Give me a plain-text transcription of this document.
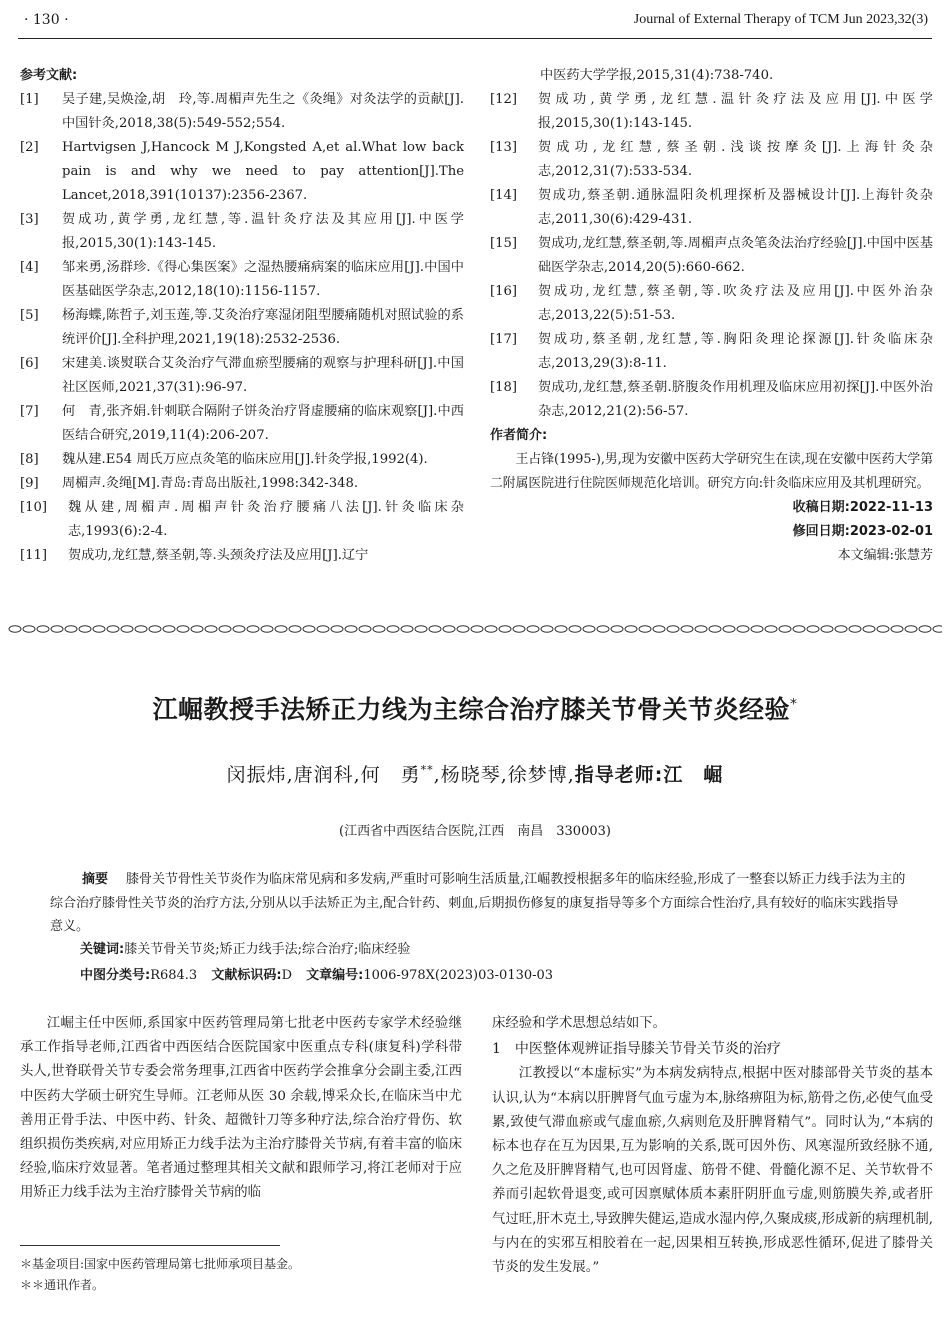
· 130 ·	Journal of External Therapy of TCM Jun 2023,32(3)
参考文献:
[1]	吴子建,吴焕淦,胡　玲,等.周楣声先生之《灸绳》对灸法学的贡献[J].中国针灸,2018,38(5):549-552;554.
[2]	Hartvigsen J,Hancock M J,Kongsted A,et al.What low back pain is and why we need to pay attention[J].The Lancet,2018,391(10137):2356-2367.
[3]	贺成功,黄学勇,龙红慧,等.温针灸疗法及其应用[J].中医学报,2015,30(1):143-145.
[4]	邹来勇,汤群珍.《得心集医案》之湿热腰痛病案的临床应用[J].中国中医基础医学杂志,2012,18(10):1156-1157.
[5]	杨海蝶,陈哲子,刘玉莲,等.艾灸治疗寒湿闭阻型腰痛随机对照试验的系统评价[J].全科护理,2021,19(18):2532-2536.
[6]	宋建美.谈熨联合艾灸治疗气滞血瘀型腰痛的观察与护理科研[J].中国社区医师,2021,37(31):96-97.
[7]	何　青,张齐娟.针刺联合隔附子饼灸治疗肾虚腰痛的临床观察[J].中西医结合研究,2019,11(4):206-207.
[8]	魏从建.E54 周氏万应点灸笔的临床应用[J].针灸学报,1992(4).
[9]	周楣声.灸绳[M].青岛:青岛出版社,1998:342-348.
[10]	魏从建,周楣声.周楣声针灸治疗腰痛八法[J].针灸临床杂志,1993(6):2-4.
[11]	贺成功,龙红慧,蔡圣朝,等.头颈灸疗法及应用[J].辽宁
中医药大学学报,2015,31(4):738-740.
[12]	贺成功,黄学勇,龙红慧.温针灸疗法及应用[J].中医学报,2015,30(1):143-145.
[13]	贺成功,龙红慧,蔡圣朝.浅谈按摩灸[J].上海针灸杂志,2012,31(7):533-534.
[14]	贺成功,蔡圣朝.通脉温阳灸机理探析及器械设计[J].上海针灸杂志,2011,30(6):429-431.
[15]	贺成功,龙红慧,蔡圣朝,等.周楣声点灸笔灸法治疗经验[J].中国中医基础医学杂志,2014,20(5):660-662.
[16]	贺成功,龙红慧,蔡圣朝,等.吹灸疗法及应用[J].中医外治杂志,2013,22(5):51-53.
[17]	贺成功,蔡圣朝,龙红慧,等.胸阳灸理论探源[J].针灸临床杂志,2013,29(3):8-11.
[18]	贺成功,龙红慧,蔡圣朝.脐腹灸作用机理及临床应用初探[J].中医外治杂志,2012,21(2):56-57.
作者简介:
王占锋(1995-),男,现为安徽中医药大学研究生在读,现在安徽中医药大学第二附属医院进行住院医师规范化培训。研究方向:针灸临床应用及其机理研究。
收稿日期:2022-11-13
修回日期:2023-02-01
本文编辑:张慧芳
江崛教授手法矫正力线为主综合治疗膝关节骨关节炎经验*
闵振炜,唐润科,何　勇**,杨晓琴,徐梦博,指导老师:江　崛
(江西省中西医结合医院,江西　南昌　330003)
摘要 膝骨关节骨性关节炎作为临床常见病和多发病,严重时可影响生活质量,江崛教授根据多年的临床经验,形成了一整套以矫正力线手法为主的综合治疗膝骨性关节炎的治疗方法,分别从以手法矫正为主,配合针药、刺血,后期损伤修复的康复指导等多个方面综合性治疗,具有较好的临床实践指导意义。
关键词:膝关节骨关节炎;矫正力线手法;综合治疗;临床经验
中图分类号:R684.3 文献标识码:D 文章编号:1006-978X(2023)03-0130-03
江崛主任中医师,系国家中医药管理局第七批老中医药专家学术经验继承工作指导老师,江西省中西医结合医院国家中医重点专科(康复科)学科带头人,世脊联骨关节专委会常务理事,江西省中医药学会推拿分会副主委,江西中医药大学硕士研究生导师。江老师从医 30 余载,博采众长,在临床当中尤善用正骨手法、中医中药、针灸、超微针刀等多种疗法,综合治疗骨伤、软组织损伤类疾病,对应用矫正力线手法为主治疗膝骨关节病,有着丰富的临床经验,临床疗效显著。笔者通过整理其相关文献和跟师学习,将江老师对于应用矫正力线手法为主治疗膝骨关节病的临
床经验和学术思想总结如下。
1　中医整体观辨证指导膝关节骨关节炎的治疗
江教授以“本虚标实”为本病发病特点,根据中医对膝部骨关节炎的基本认识,认为“本病以肝脾肾气血亏虚为本,脉络痹阻为标,筋骨之伤,必使气血受累,致使气滞血瘀或气虚血瘀,久病则危及肝脾肾精气”。同时认为,“本病的标本也存在互为因果,互为影响的关系,既可因外伤、风寒湿所致经脉不通,久之危及肝脾肾精气,也可因肾虚、筋骨不健、骨髓化源不足、关节软骨不养而引起软骨退变,或可因禀赋体质本素肝阴肝血亏虚,则筋膜失养,或者肝气过旺,肝木克土,导致脾失健运,造成水湿内停,久聚成痰,形成新的病理机制,与内在的实邪互相胶着在一起,因果相互转换,形成恶性循环,促进了膝骨关节炎的发生发展。”
＊基金项目:国家中医药管理局第七批师承项目基金。
＊＊通讯作者。
